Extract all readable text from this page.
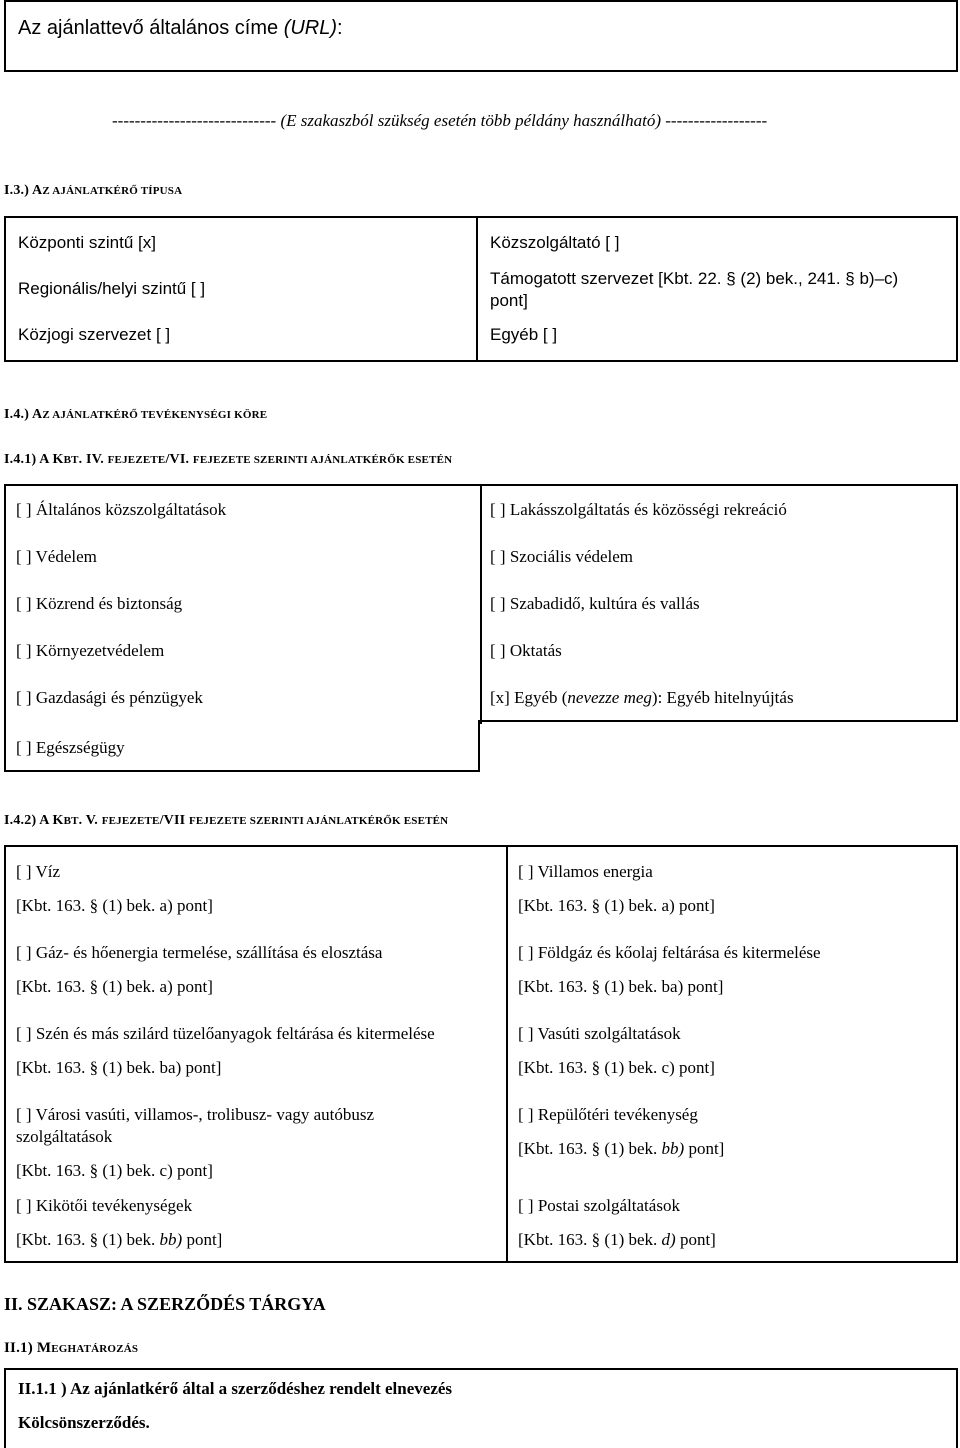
Az ajánlattevő általános címe (URL):
----------------------------- (E szakaszból szükség esetén több példány használható) ------------------
I.3.) AZ AJÁNLATKÉRŐ TÍPUSA
Központi szintű [x]
Regionális/helyi szintű [ ]
Közjogi szervezet [ ]
Közszolgáltató [ ]
Támogatott szervezet [Kbt. 22. § (2) bek., 241. § b)–c)
pont]
Egyéb [ ]
I.4.) AZ AJÁNLATKÉRŐ TEVÉKENYSÉGI KÖRE
I.4.1) A KBT. IV. FEJEZETE/VI. FEJEZETE SZERINTI AJÁNLATKÉRŐK ESETÉN
[ ] Általános közszolgáltatások
[ ] Védelem
[ ] Közrend és biztonság
[ ] Környezetvédelem
[ ] Gazdasági és pénzügyek
[ ] Egészségügy
[ ] Lakásszolgáltatás és közösségi rekreáció
[ ] Szociális védelem
[ ] Szabadidő, kultúra és vallás
[ ] Oktatás
[x] Egyéb (nevezze meg): Egyéb hitelnyújtás
I.4.2) A KBT. V. FEJEZETE/VII FEJEZETE SZERINTI AJÁNLATKÉRŐK ESETÉN
[ ] Víz
[Kbt. 163. § (1) bek. a) pont]
[ ] Gáz- és hőenergia termelése, szállítása és elosztása
[Kbt. 163. § (1) bek. a) pont]
[ ] Szén és más szilárd tüzelőanyagok feltárása és kitermelése
[Kbt. 163. § (1) bek. ba) pont]
[ ] Városi vasúti, villamos-, trolibusz- vagy autóbusz
szolgáltatások
[Kbt. 163. § (1) bek. c) pont]
[ ] Kikötői tevékenységek
[Kbt. 163. § (1) bek. bb) pont]
[ ] Villamos energia
[Kbt. 163. § (1) bek. a) pont]
[ ] Földgáz és kőolaj feltárása és kitermelése
[Kbt. 163. § (1) bek. ba) pont]
[ ] Vasúti szolgáltatások
[Kbt. 163. § (1) bek. c) pont]
[ ] Repülőtéri tevékenység
[Kbt. 163. § (1) bek. bb) pont]
[ ] Postai szolgáltatások
[Kbt. 163. § (1) bek. d) pont]
II. SZAKASZ: A SZERZŐDÉS TÁRGYA
II.1) MEGHATÁROZÁS
II.1.1 ) Az ajánlatkérő által a szerződéshez rendelt elnevezés
Kölcsönszerződés.
